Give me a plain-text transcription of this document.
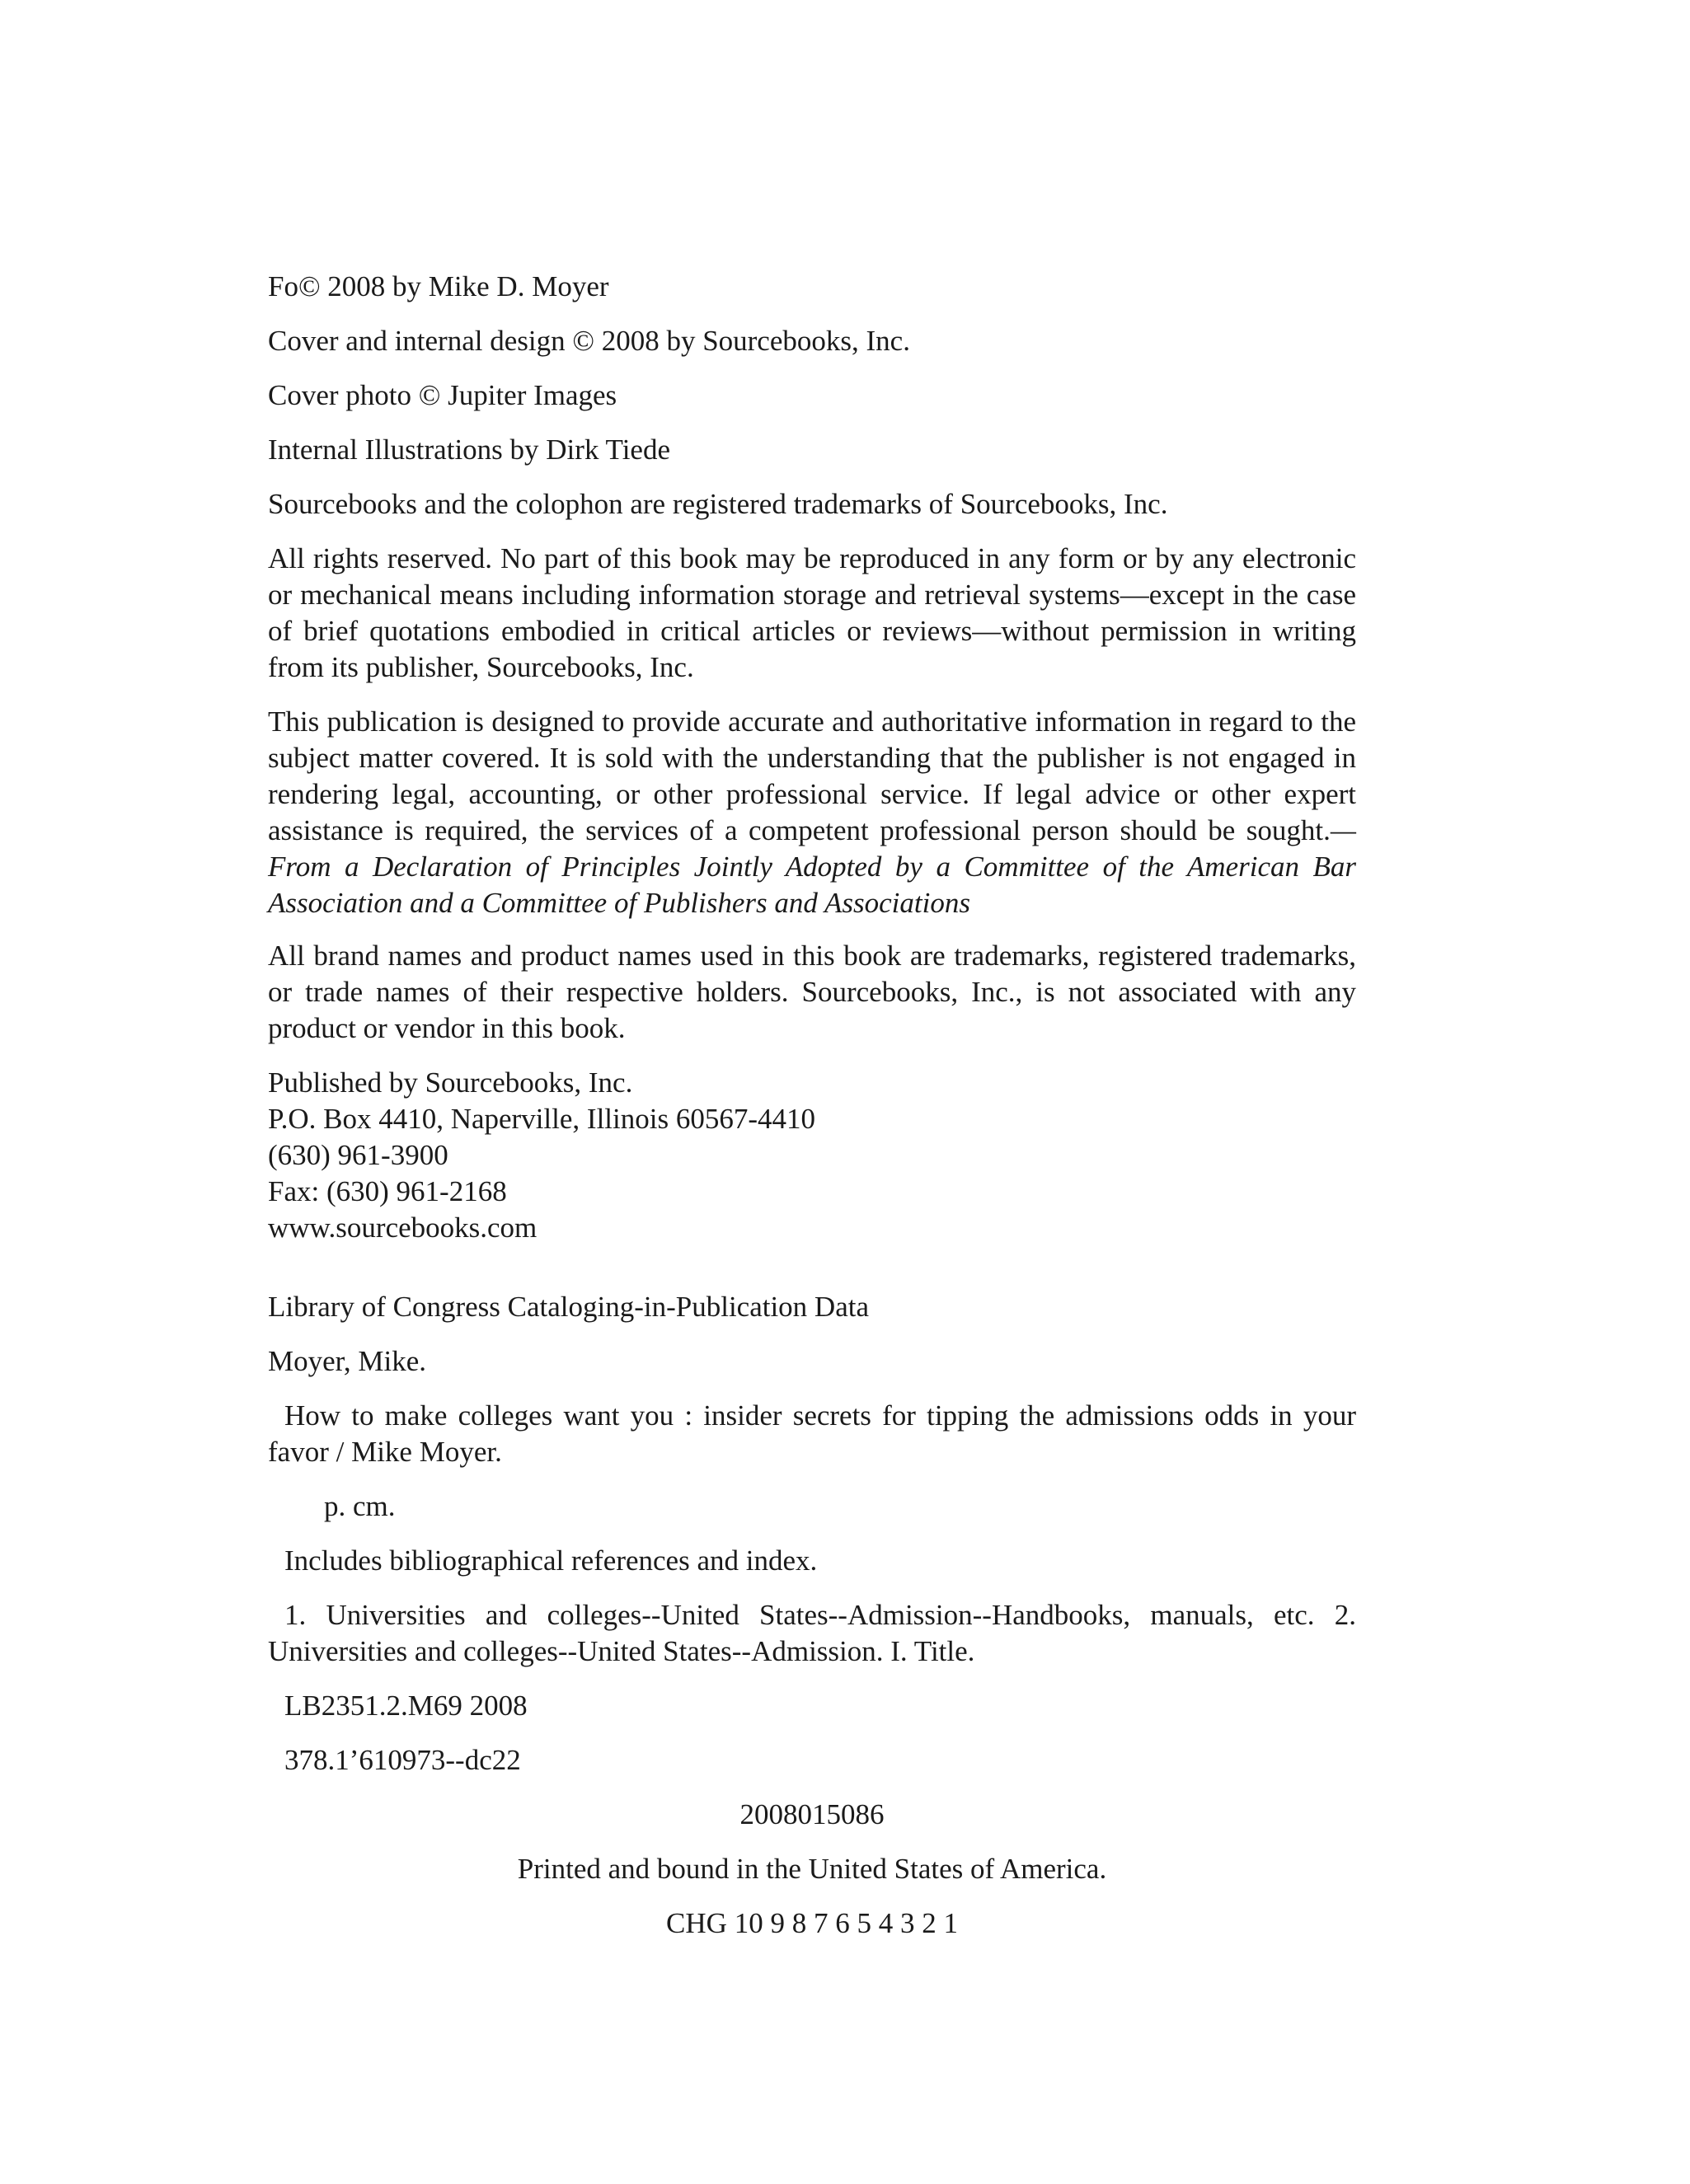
Fo© 2008 by Mike D. Moyer

Cover and internal design © 2008 by Sourcebooks, Inc.

Cover photo © Jupiter Images

Internal Illustrations by Dirk Tiede

Sourcebooks and the colophon are registered trademarks of Sourcebooks, Inc.

All rights reserved. No part of this book may be reproduced in any form or by any electronic or mechanical means including information storage and retrieval systems—except in the case of brief quotations embodied in critical articles or reviews—without permission in writing from its publisher, Sourcebooks, Inc.

This publication is designed to provide accurate and authoritative information in regard to the subject matter covered. It is sold with the understanding that the publisher is not engaged in rendering legal, accounting, or other professional service. If legal advice or other expert assistance is required, the services of a competent professional person should be sought.—From a Declaration of Principles Jointly Adopted by a Committee of the American Bar Association and a Committee of Publishers and Associations

All brand names and product names used in this book are trademarks, registered trademarks, or trade names of their respective holders. Sourcebooks, Inc., is not associated with any product or vendor in this book.

Published by Sourcebooks, Inc.
P.O. Box 4410, Naperville, Illinois 60567-4410
(630) 961-3900
Fax: (630) 961-2168
www.sourcebooks.com

Library of Congress Cataloging-in-Publication Data

Moyer, Mike.

How to make colleges want you : insider secrets for tipping the admissions odds in your favor / Mike Moyer.

p. cm.

Includes bibliographical references and index.

1. Universities and colleges--United States--Admission--Handbooks, manuals, etc. 2. Universities and colleges--United States--Admission. I. Title.

LB2351.2.M69 2008

378.1’610973--dc22

2008015086

Printed and bound in the United States of America.

CHG 10 9 8 7 6 5 4 3 2 1
